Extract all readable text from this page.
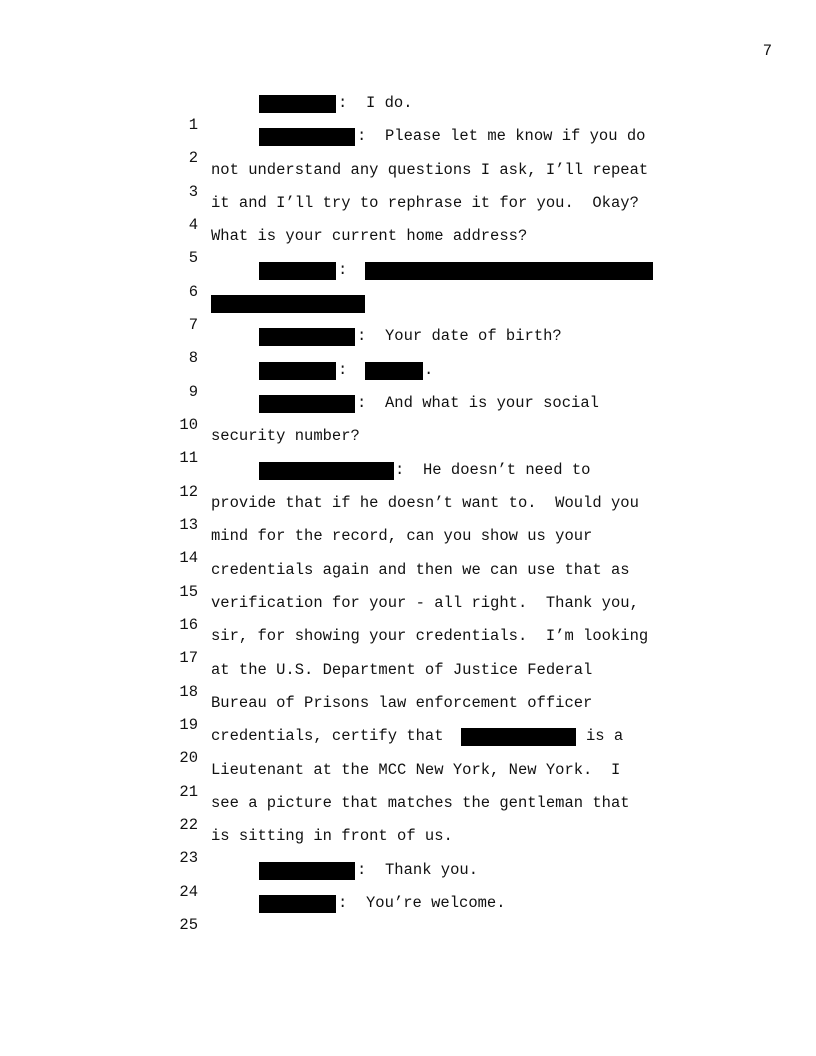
7

1

:

I do.

2

:

Please let me know if you do

3

not understand any questions I ask, I’ll repeat

4

it and I’ll try to rephrase it for you.  Okay?

5

What is your current home address?

6

:

7

8

:

Your date of birth?

9

:

	.

10

:

And what is your social

11

security number?

12

:

He doesn’t need to

13

provide that if he doesn’t want to.  Would you

14

mind for the record, can you show us your

15

credentials again and then we can use that as

16

verification for your - all right.  Thank you,

17

sir, for showing your credentials.  I’m looking

18

at the U.S. Department of Justice Federal

19

Bureau of Prisons law enforcement officer

20

credentials, certify that

	is a

21

Lieutenant at the MCC New York, New York.  I

22

see a picture that matches the gentleman that

23

is sitting in front of us.

24

:

Thank you.

25

:

You’re welcome.
